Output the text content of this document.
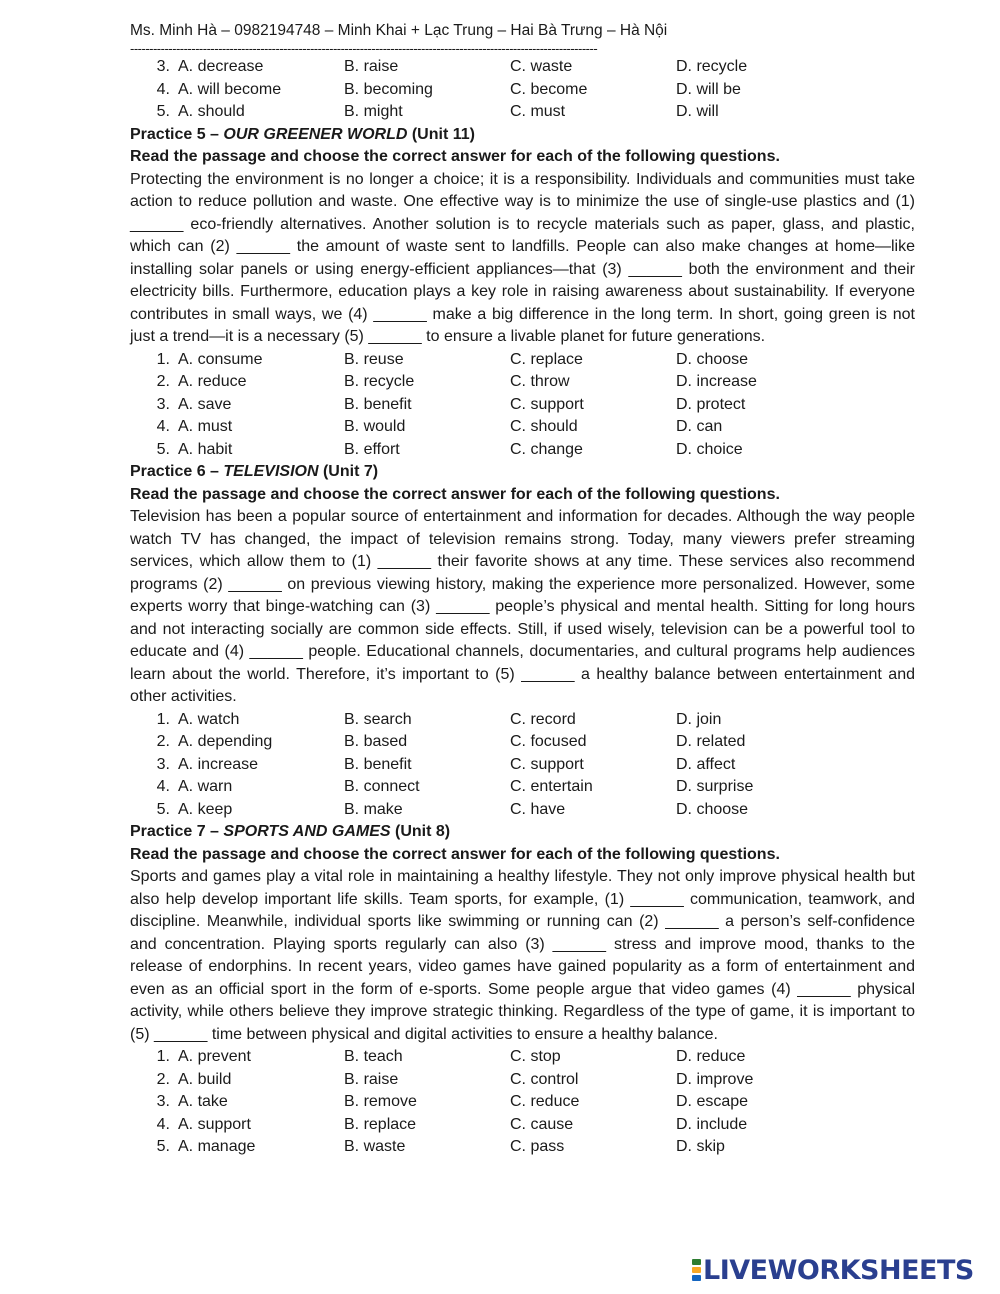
Ms. Minh Hà – 0982194748 – Minh Khai + Lạc Trung – Hai Bà Trưng – Hà Nội
--------------------------------------------------------------------------------------------------------------------------
3. A. decrease	B. raise	C. waste	D. recycle
4. A. will become	B. becoming	C. become	D. will be
5. A. should	B. might	C. must	D. will
Practice 5 – OUR GREENER WORLD (Unit 11)
Read the passage and choose the correct answer for each of the following questions.
Protecting the environment is no longer a choice; it is a responsibility. Individuals and communities must take action to reduce pollution and waste. One effective way is to minimize the use of single-use plastics and (1) ______ eco-friendly alternatives. Another solution is to recycle materials such as paper, glass, and plastic, which can (2) ______ the amount of waste sent to landfills. People can also make changes at home—like installing solar panels or using energy-efficient appliances—that (3) ______ both the environment and their electricity bills. Furthermore, education plays a key role in raising awareness about sustainability. If everyone contributes in small ways, we (4) ______ make a big difference in the long term. In short, going green is not just a trend—it is a necessary (5) ______ to ensure a livable planet for future generations.
1. A. consume	B. reuse	C. replace	D. choose
2. A. reduce	B. recycle	C. throw	D. increase
3. A. save	B. benefit	C. support	D. protect
4. A. must	B. would	C. should	D. can
5. A. habit	B. effort	C. change	D. choice
Practice 6 – TELEVISION (Unit 7)
Read the passage and choose the correct answer for each of the following questions.
Television has been a popular source of entertainment and information for decades. Although the way people watch TV has changed, the impact of television remains strong. Today, many viewers prefer streaming services, which allow them to (1) ______ their favorite shows at any time. These services also recommend programs (2) ______ on previous viewing history, making the experience more personalized. However, some experts worry that binge-watching can (3) ______ people’s physical and mental health. Sitting for long hours and not interacting socially are common side effects. Still, if used wisely, television can be a powerful tool to educate and (4) ______ people. Educational channels, documentaries, and cultural programs help audiences learn about the world. Therefore, it’s important to (5) ______ a healthy balance between entertainment and other activities.
1. A. watch	B. search	C. record	D. join
2. A. depending	B. based	C. focused	D. related
3. A. increase	B. benefit	C. support	D. affect
4. A. warn	B. connect	C. entertain	D. surprise
5. A. keep	B. make	C. have	D. choose
Practice 7 – SPORTS AND GAMES (Unit 8)
Read the passage and choose the correct answer for each of the following questions.
Sports and games play a vital role in maintaining a healthy lifestyle. They not only improve physical health but also help develop important life skills. Team sports, for example, (1) ______ communication, teamwork, and discipline. Meanwhile, individual sports like swimming or running can (2) ______ a person’s self-confidence and concentration. Playing sports regularly can also (3) ______ stress and improve mood, thanks to the release of endorphins. In recent years, video games have gained popularity as a form of entertainment and even as an official sport in the form of e-sports. Some people argue that video games (4) ______ physical activity, while others believe they improve strategic thinking. Regardless of the type of game, it is important to (5) ______ time between physical and digital activities to ensure a healthy balance.
1. A. prevent	B. teach	C. stop	D. reduce
2. A. build	B. raise	C. control	D. improve
3. A. take	B. remove	C. reduce	D. escape
4. A. support	B. replace	C. cause	D. include
5. A. manage	B. waste	C. pass	D. skip
LIVEWORKSHEETS
